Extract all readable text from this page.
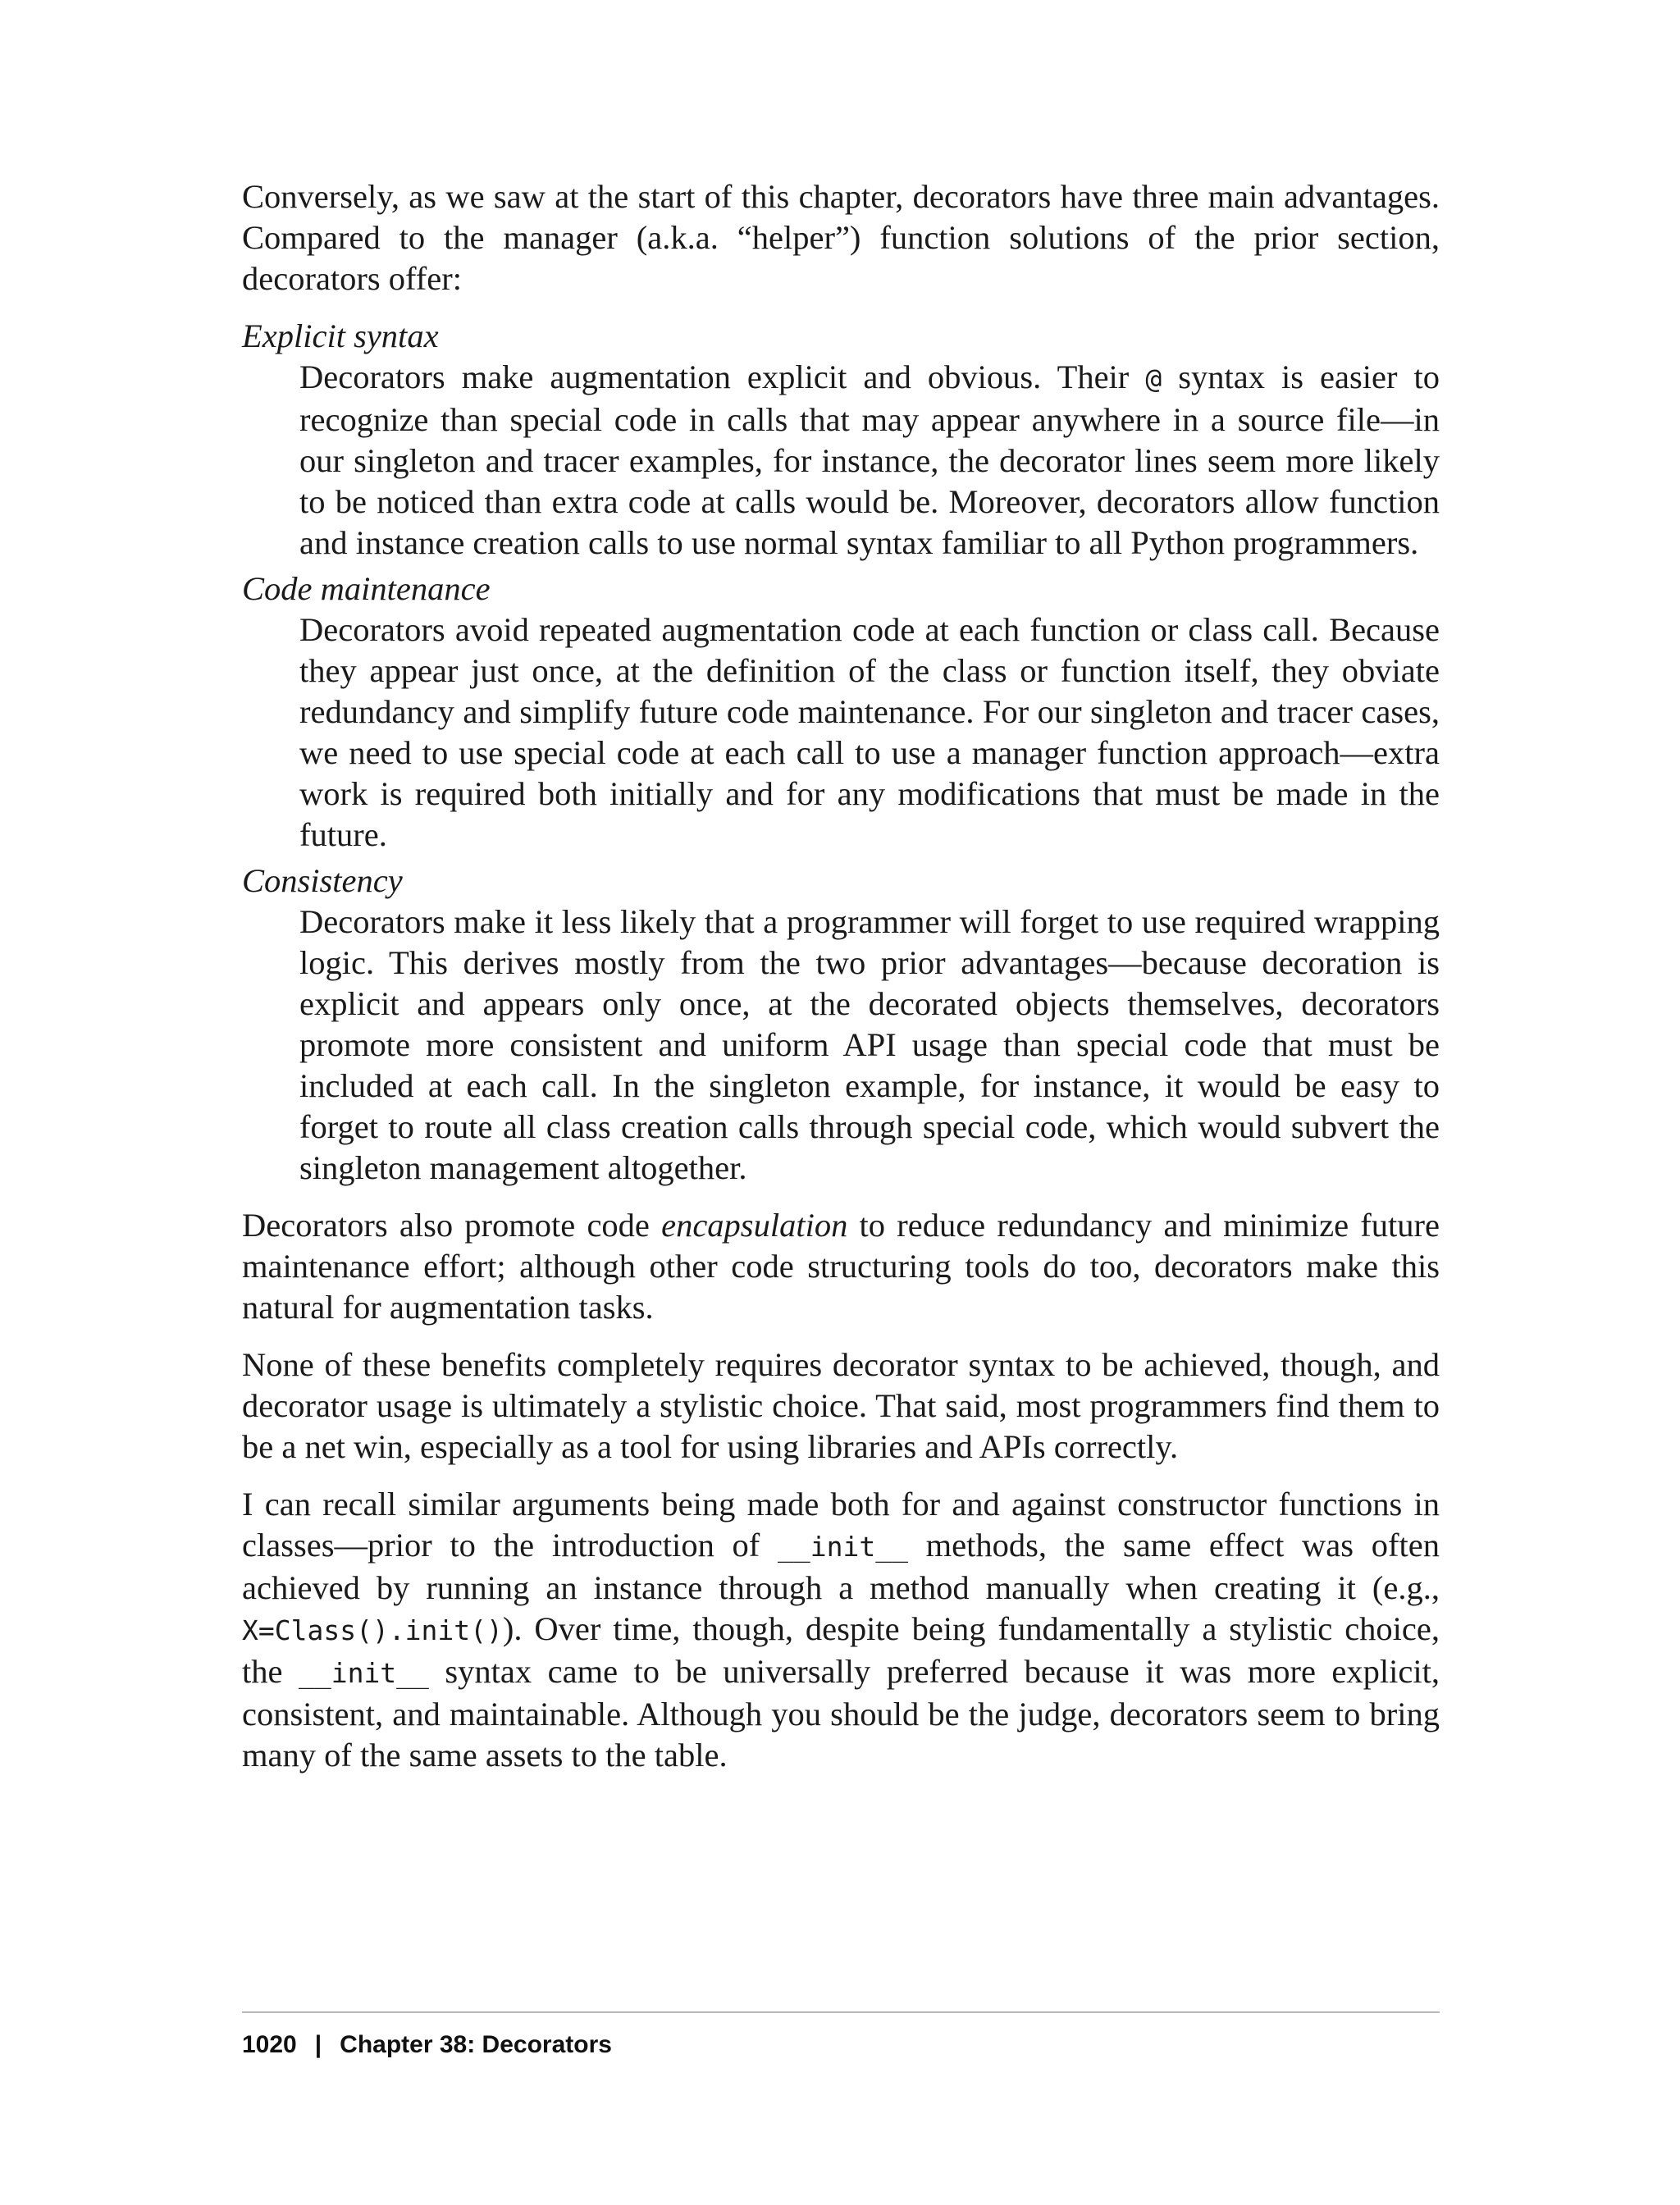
Conversely, as we saw at the start of this chapter, decorators have three main advantages. Compared to the manager (a.k.a. “helper”) function solutions of the prior section, decorators offer:

Explicit syntax

Decorators make augmentation explicit and obvious. Their @ syntax is easier to recognize than special code in calls that may appear anywhere in a source file—in our singleton and tracer examples, for instance, the decorator lines seem more likely to be noticed than extra code at calls would be. Moreover, decorators allow function and instance creation calls to use normal syntax familiar to all Python programmers.

Code maintenance

Decorators avoid repeated augmentation code at each function or class call. Because they appear just once, at the definition of the class or function itself, they obviate redundancy and simplify future code maintenance. For our singleton and tracer cases, we need to use special code at each call to use a manager function approach—extra work is required both initially and for any modifications that must be made in the future.

Consistency

Decorators make it less likely that a programmer will forget to use required wrapping logic. This derives mostly from the two prior advantages—because decoration is explicit and appears only once, at the decorated objects themselves, decorators promote more consistent and uniform API usage than special code that must be included at each call. In the singleton example, for instance, it would be easy to forget to route all class creation calls through special code, which would subvert the singleton management altogether.

Decorators also promote code encapsulation to reduce redundancy and minimize future maintenance effort; although other code structuring tools do too, decorators make this natural for augmentation tasks.

None of these benefits completely requires decorator syntax to be achieved, though, and decorator usage is ultimately a stylistic choice. That said, most programmers find them to be a net win, especially as a tool for using libraries and APIs correctly.

I can recall similar arguments being made both for and against constructor functions in classes—prior to the introduction of __init__ methods, the same effect was often achieved by running an instance through a method manually when creating it (e.g., X=Class().init()). Over time, though, despite being fundamentally a stylistic choice, the __init__ syntax came to be universally preferred because it was more explicit, consistent, and maintainable. Although you should be the judge, decorators seem to bring many of the same assets to the table.

1020 | Chapter 38: Decorators
